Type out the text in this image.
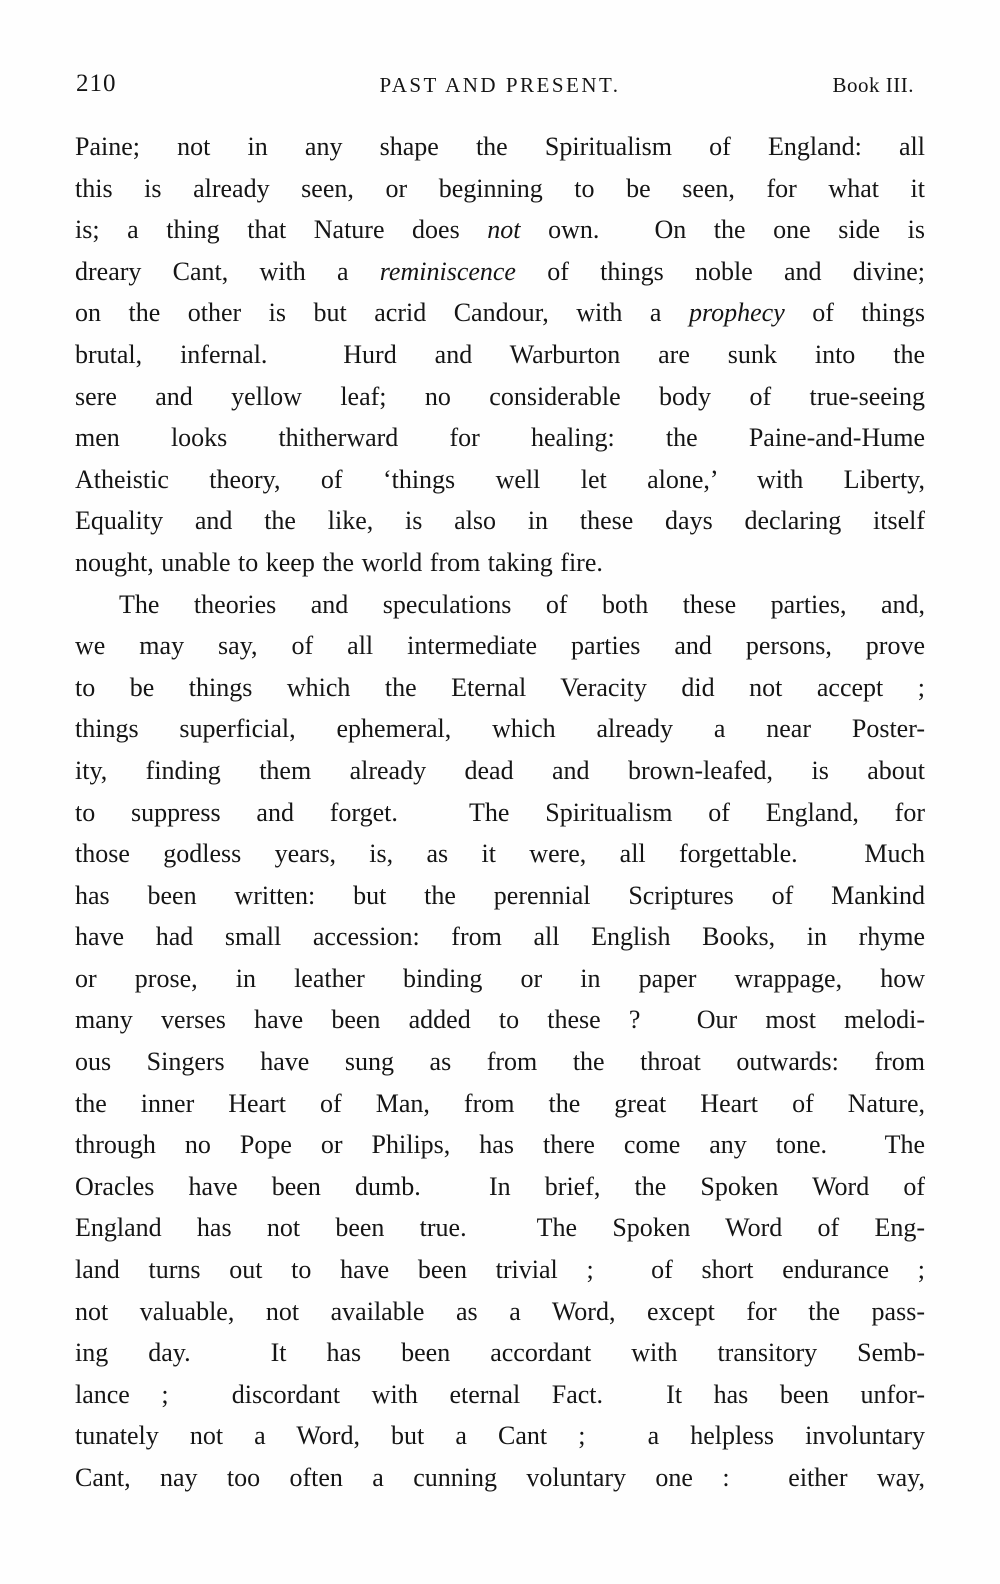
210	PAST AND PRESENT.	Book III.
Paine; not in any shape the Spiritualism of England: all
this is already seen, or beginning to be seen, for what it
is; a thing that Nature does not own.  On the one side is
dreary Cant, with a reminiscence of things noble and divine;
on the other is but acrid Candour, with a prophecy of things
brutal, infernal.  Hurd and Warburton are sunk into the
sere and yellow leaf; no considerable body of true-seeing
men looks thitherward for healing: the Paine-and-Hume
Atheistic theory, of ‘things well let alone,’ with Liberty,
Equality and the like, is also in these days declaring itself
nought, unable to keep the world from taking fire.
The theories and speculations of both these parties, and,
we may say, of all intermediate parties and persons, prove
to be things which the Eternal Veracity did not accept ;
things superficial, ephemeral, which already a near Poster-
ity, finding them already dead and brown-leafed, is about
to suppress and forget.  The Spiritualism of England, for
those godless years, is, as it were, all forgettable.  Much
has been written: but the perennial Scriptures of Mankind
have had small accession: from all English Books, in rhyme
or prose, in leather binding or in paper wrappage, how
many verses have been added to these ?  Our most melodi-
ous Singers have sung as from the throat outwards: from
the inner Heart of Man, from the great Heart of Nature,
through no Pope or Philips, has there come any tone.  The
Oracles have been dumb.  In brief, the Spoken Word of
England has not been true.  The Spoken Word of Eng-
land turns out to have been trivial ;  of short endurance ;
not valuable, not available as a Word, except for the pass-
ing day.  It has been accordant with transitory Semb-
lance ;  discordant with eternal Fact.  It has been unfor-
tunately not a Word, but a Cant ;  a helpless involuntary
Cant, nay too often a cunning voluntary one :  either way,
